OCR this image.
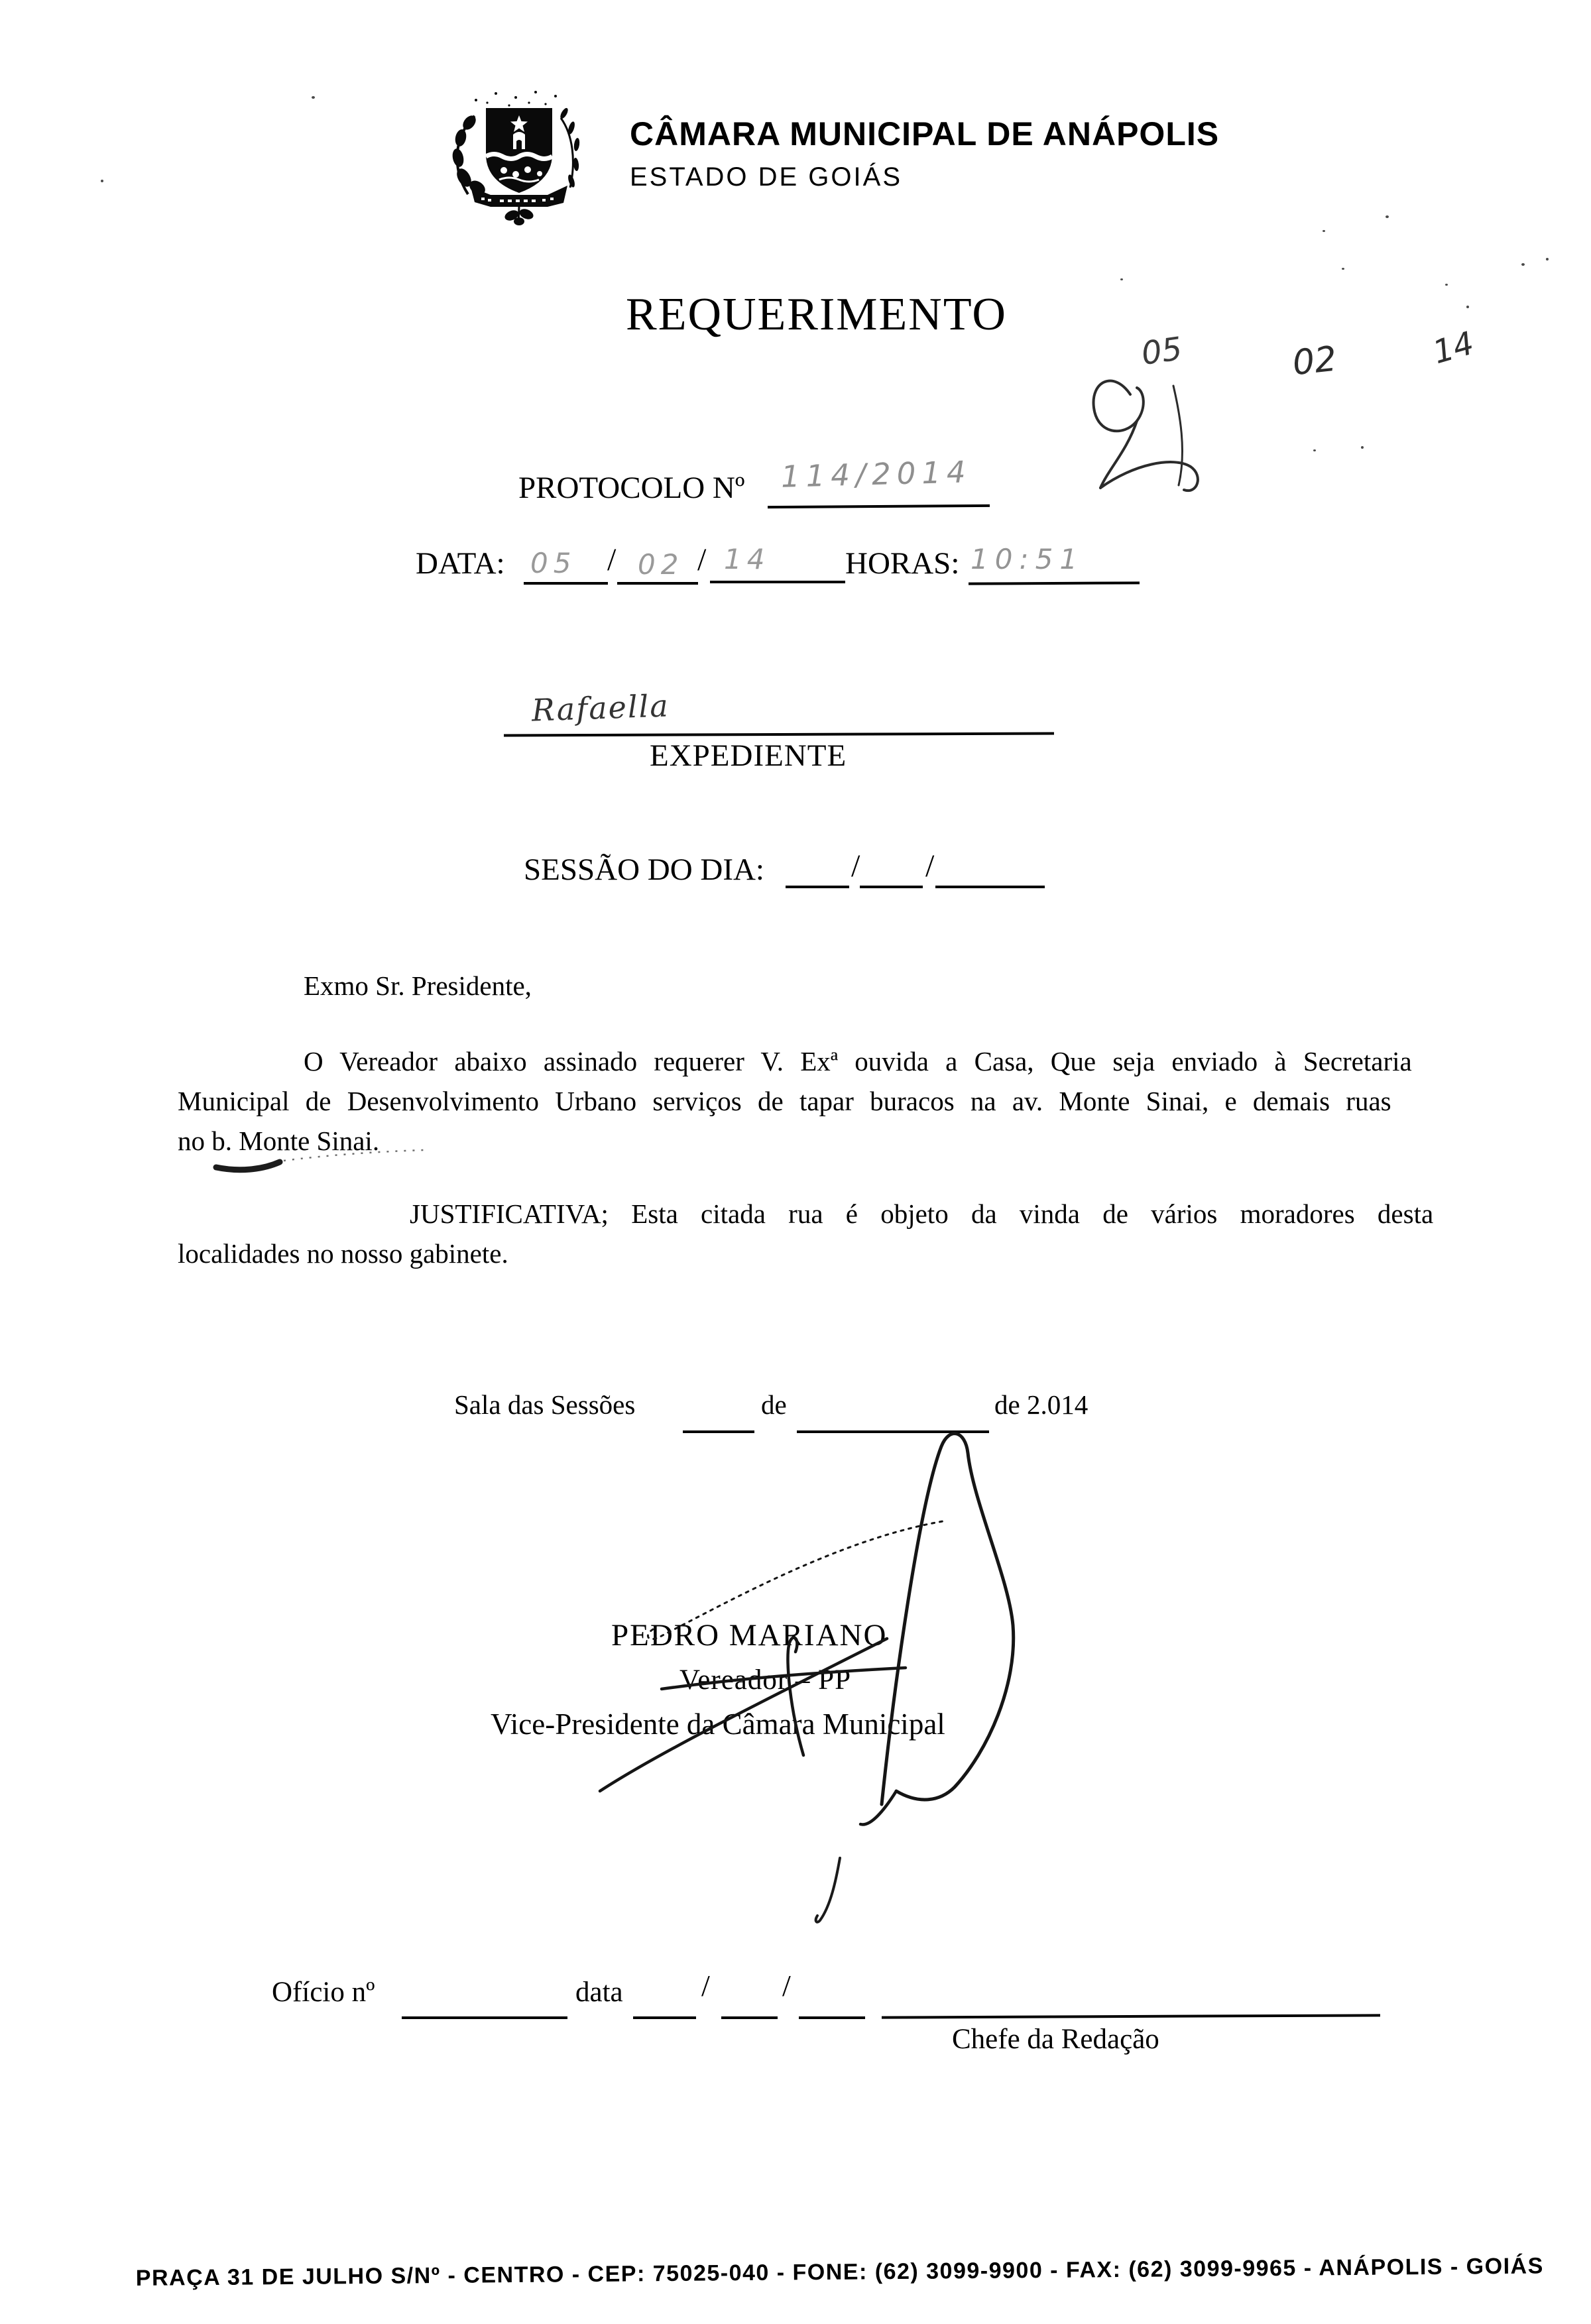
CÂMARA MUNICIPAL DE ANÁPOLIS
ESTADO DE GOIÁS
REQUERIMENTO
05	02	14
PROTOCOLO Nº 114/2014
DATA: 05 / 02 / 14 HORAS: 10:51
Rafaella
EXPEDIENTE
SESSÃO DO DIA:	/ /
Exmo Sr. Presidente,
O Vereador abaixo assinado requerer V. Exª ouvida a Casa, Que seja enviado à Secretaria
Municipal de Desenvolvimento Urbano serviços de tapar buracos na av. Monte Sinai, e demais ruas
no b. Monte Sinai.
JUSTIFICATIVA; Esta citada rua é objeto da vinda de vários moradores desta
localidades no nosso gabinete.
Sala das Sessões	de	de 2.014
PEDRO MARIANO
Vereador – PP
Vice-Presidente da Câmara Municipal
Ofício nº	data	/ /
Chefe da Redação
PRAÇA 31 DE JULHO S/Nº - CENTRO - CEP: 75025-040 - FONE: (62) 3099-9900 - FAX: (62) 3099-9965 - ANÁPOLIS - GOIÁS
